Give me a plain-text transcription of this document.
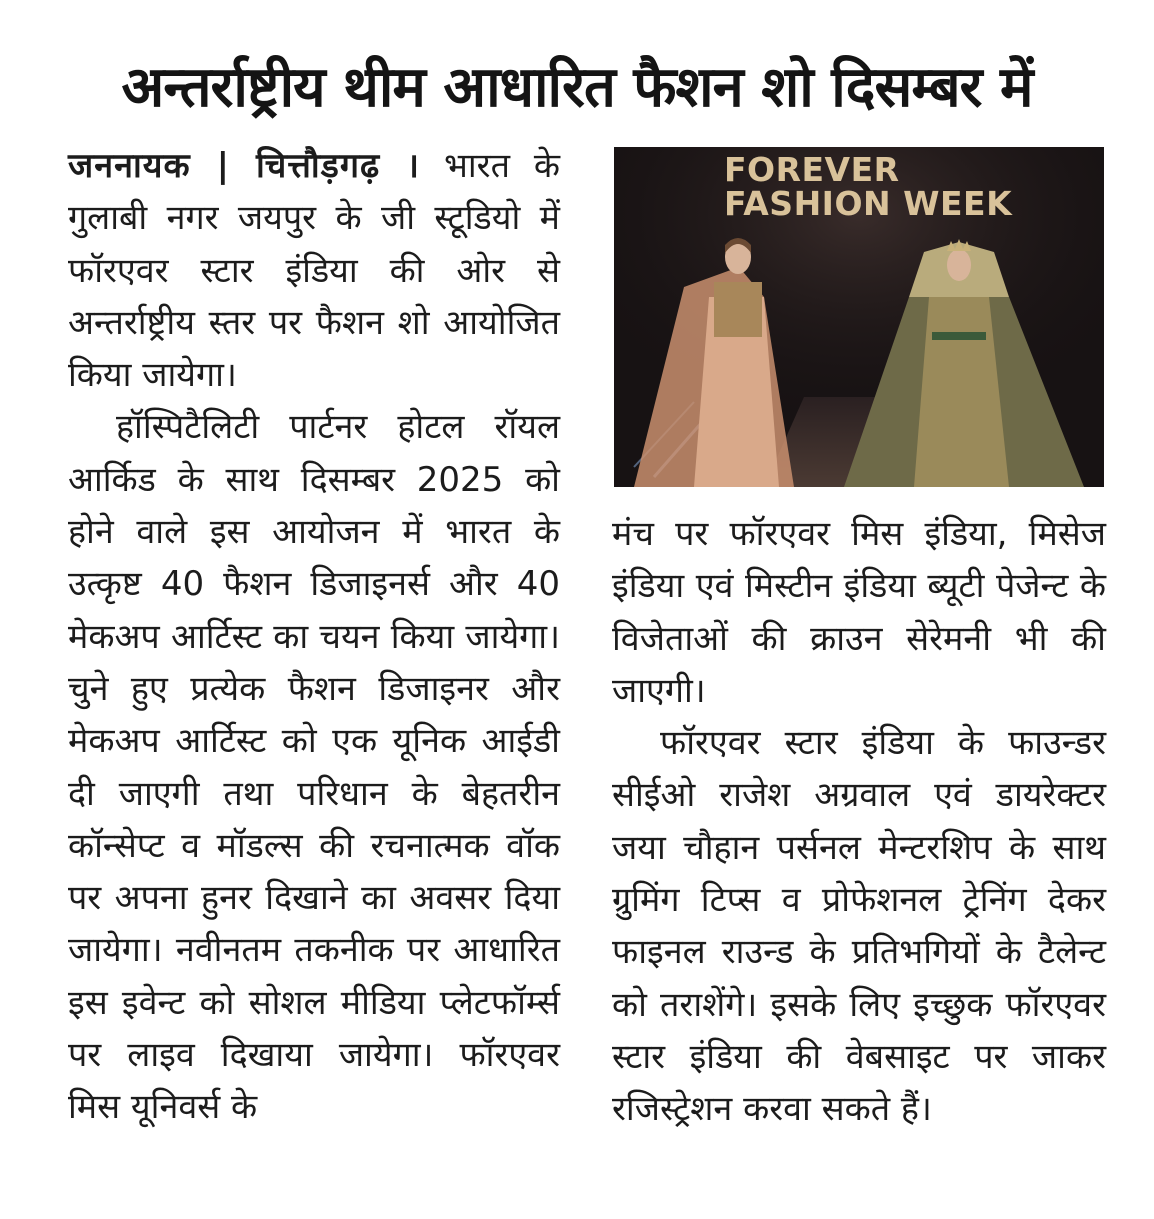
अन्तर्राष्ट्रीय थीम आधारित फैशन शो दिसम्बर में

जननायक | चित्तौड़गढ़ । भारत के गुलाबी नगर जयपुर के जी स्टूडियो में फॉरएवर स्टार इंडिया की ओर से अन्तर्राष्ट्रीय स्तर पर फैशन शो आयोजित किया जायेगा।

हॉस्पिटैलिटी पार्टनर होटल रॉयल आर्किड के साथ दिसम्बर 2025 को होने वाले इस आयोजन में भारत के उत्कृष्ट 40 फैशन डिजाइनर्स और 40 मेकअप आर्टिस्ट का चयन किया जायेगा। चुने हुए प्रत्येक फैशन डिजाइनर और मेकअप आर्टिस्ट को एक यूनिक आईडी दी जाएगी तथा परिधान के बेहतरीन कॉन्सेप्ट व मॉडल्स की रचनात्मक वॉक पर अपना हुनर दिखाने का अवसर दिया जायेगा। नवीनतम तकनीक पर आधारित इस इवेन्ट को सोशल मीडिया प्लेटफॉर्म्स पर लाइव दिखाया जायेगा। फॉरएवर मिस यूनिवर्स के

FOREVER
FASHION WEEK

मंच पर फॉरएवर मिस इंडिया, मिसेज इंडिया एवं मिस्टीन इंडिया ब्यूटी पेजेन्ट के विजेताओं की क्राउन सेरेमनी भी की जाएगी।

फॉरएवर स्टार इंडिया के फाउन्डर सीईओ राजेश अग्रवाल एवं डायरेक्टर जया चौहान पर्सनल मेन्टरशिप के साथ ग्रुमिंग टिप्स व प्रोफेशनल ट्रेनिंग देकर फाइनल राउन्ड के प्रतिभगियों के टैलेन्ट को तराशेंगे। इसके लिए इच्छुक फॉरएवर स्टार इंडिया की वेबसाइट पर जाकर रजिस्ट्रेशन करवा सकते हैं।
